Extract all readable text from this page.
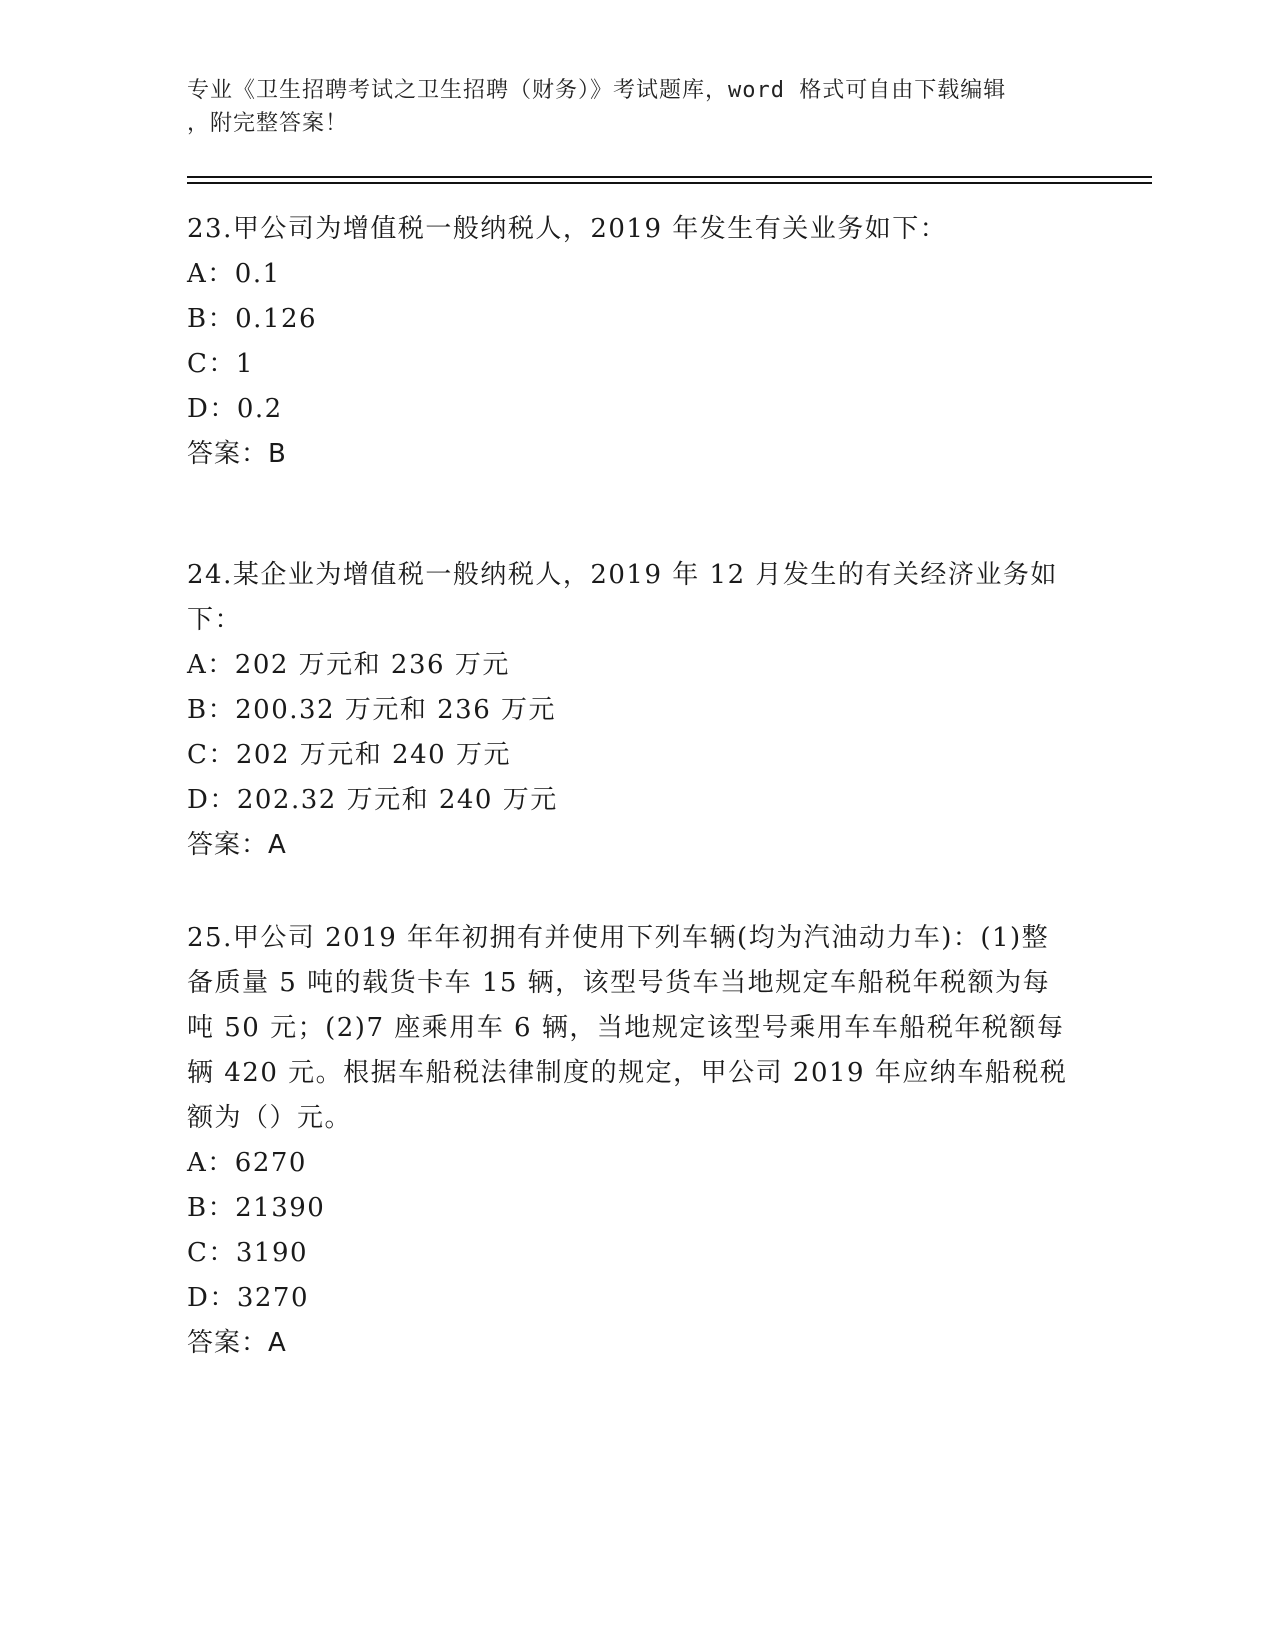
专业《卫生招聘考试之卫生招聘（财务）》考试题库，word 格式可自由下载编辑
，附完整答案！

23.甲公司为增值税一般纳税人，2019 年发生有关业务如下：

A：0.1

B：0.126

C：1

D：0.2

答案：B

24.某企业为增值税一般纳税人，2019 年 12 月发生的有关经济业务如

下：

A：202 万元和 236 万元

B：200.32 万元和 236 万元

C：202 万元和 240 万元

D：202.32 万元和 240 万元

答案：A

25.甲公司 2019 年年初拥有并使用下列车辆(均为汽油动力车)：(1)整

备质量 5 吨的载货卡车 15 辆，该型号货车当地规定车船税年税额为每

吨 50 元；(2)7 座乘用车 6 辆，当地规定该型号乘用车车船税年税额每

辆 420 元。根据车船税法律制度的规定，甲公司 2019 年应纳车船税税

额为（）元。

A：6270

B：21390

C：3190

D：3270

答案：A
